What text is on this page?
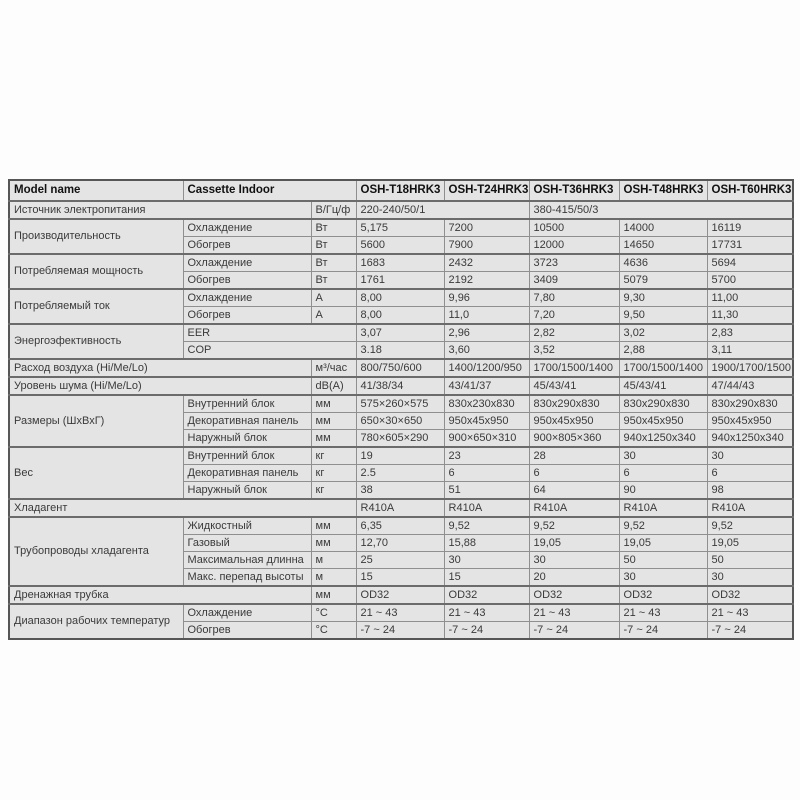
Model name	Cassette Indoor		OSH-T18HRK3	OSH-T24HRK3	OSH-T36HRK3	OSH-T48HRK3	OSH-T60HRK3
Источник электропитания		В/Гц/ф	220-240/50/1		380-415/50/3		
Производительность	Охлаждение	Вт	5,175	7200	10500	14000	16119
	Обогрев	Вт	5600	7900	12000	14650	17731
Потребляемая мощность	Охлаждение	Вт	1683	2432	3723	4636	5694
	Обогрев	Вт	1761	2192	3409	5079	5700
Потребляемый ток	Охлаждение	А	8,00	9,96	7,80	9,30	11,00
	Обогрев	А	8,00	11,0	7,20	9,50	11,30
Энергоэфективность	EER		3,07	2,96	2,82	3,02	2,83
	COP		3.18	3,60	3,52	2,88	3,11
Расход воздуха (Hi/Me/Lo)		м³/час	800/750/600	1400/1200/950	1700/1500/1400	1700/1500/1400	1900/1700/1500
Уровень шума (Hi/Me/Lo)		dB(A)	41/38/34	43/41/37	45/43/41	45/43/41	47/44/43
Размеры (ШхВхГ)	Внутренний блок	мм	575×260×575	830x230x830	830x290x830	830x290x830	830x290x830
	Декоративная панель	мм	650×30×650	950x45x950	950x45x950	950x45x950	950x45x950
	Наружный блок	мм	780×605×290	900×650×310	900×805×360	940x1250x340	940x1250x340
Вес	Внутренний блок	кг	19	23	28	30	30
	Декоративная панель	кг	2.5	6	6	6	6
	Наружный блок	кг	38	51	64	90	98
Хладагент			R410A	R410A	R410A	R410A	R410A
Трубопроводы хладагента	Жидкостный	мм	6,35	9,52	9,52	9,52	9,52
	Газовый	мм	12,70	15,88	19,05	19,05	19,05
	Максимальная длинна	м	25	30	30	50	50
	Макс. перепад высоты	м	15	15	20	30	30
Дренажная трубка		мм	OD32	OD32	OD32	OD32	OD32
Диапазон рабочих температур	Охлаждение	°С	21 ~ 43	21 ~ 43	21 ~ 43	21 ~ 43	21 ~ 43
	Обогрев	°С	-7 ~ 24	-7 ~ 24	-7 ~ 24	-7 ~ 24	-7 ~ 24
